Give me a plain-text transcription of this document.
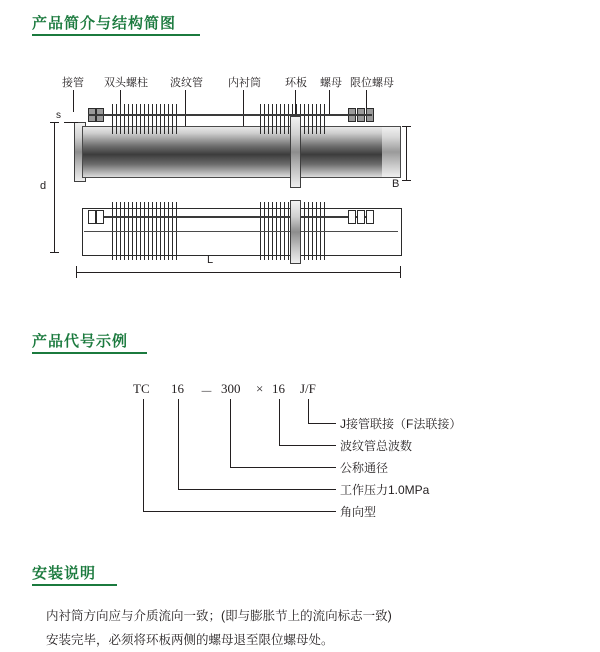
产品简介与结构简图
接管 双头螺柱 波纹管 内衬筒 环板 螺母 限位螺母
s
d	B
L
产品代号示例
TC 16 － 300 × 16 J/F
J接管联接（F法联接）
波纹管总波数
公称通径
工作压力1.0MPa
角向型
安装说明
内衬筒方向应与介质流向一致；(即与膨胀节上的流向标志一致)
安装完毕，必须将环板两侧的螺母退至限位螺母处。
